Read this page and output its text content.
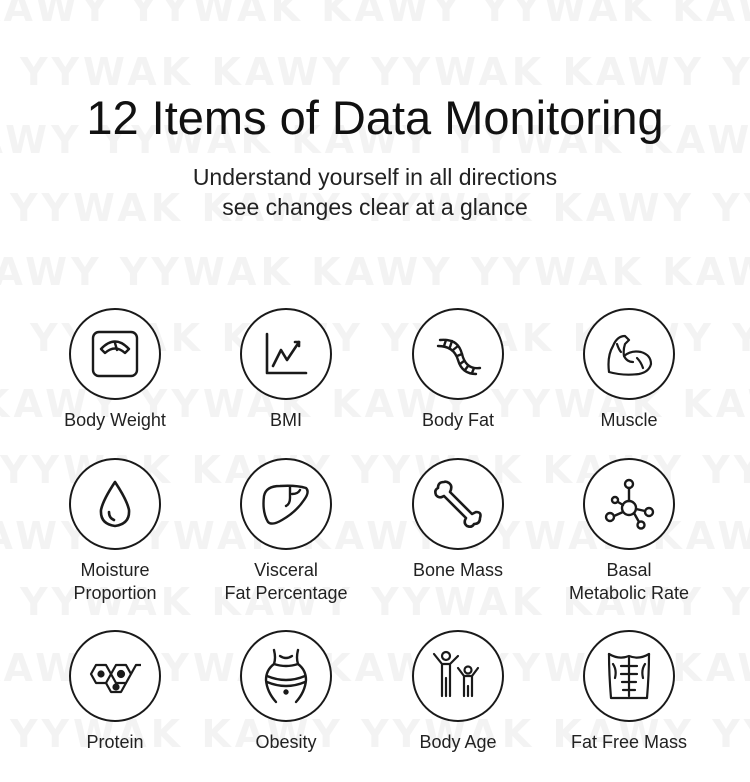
12 Items of Data Monitoring
Understand yourself in all directions
see changes clear at a glance
Body Weight	BMI	Body Fat	Muscle
Moisture
Proportion
Visceral
Fat Percentage
Bone Mass	Basal
Metabolic Rate
Protein	Obesity	Body Age	Fat Free Mass
